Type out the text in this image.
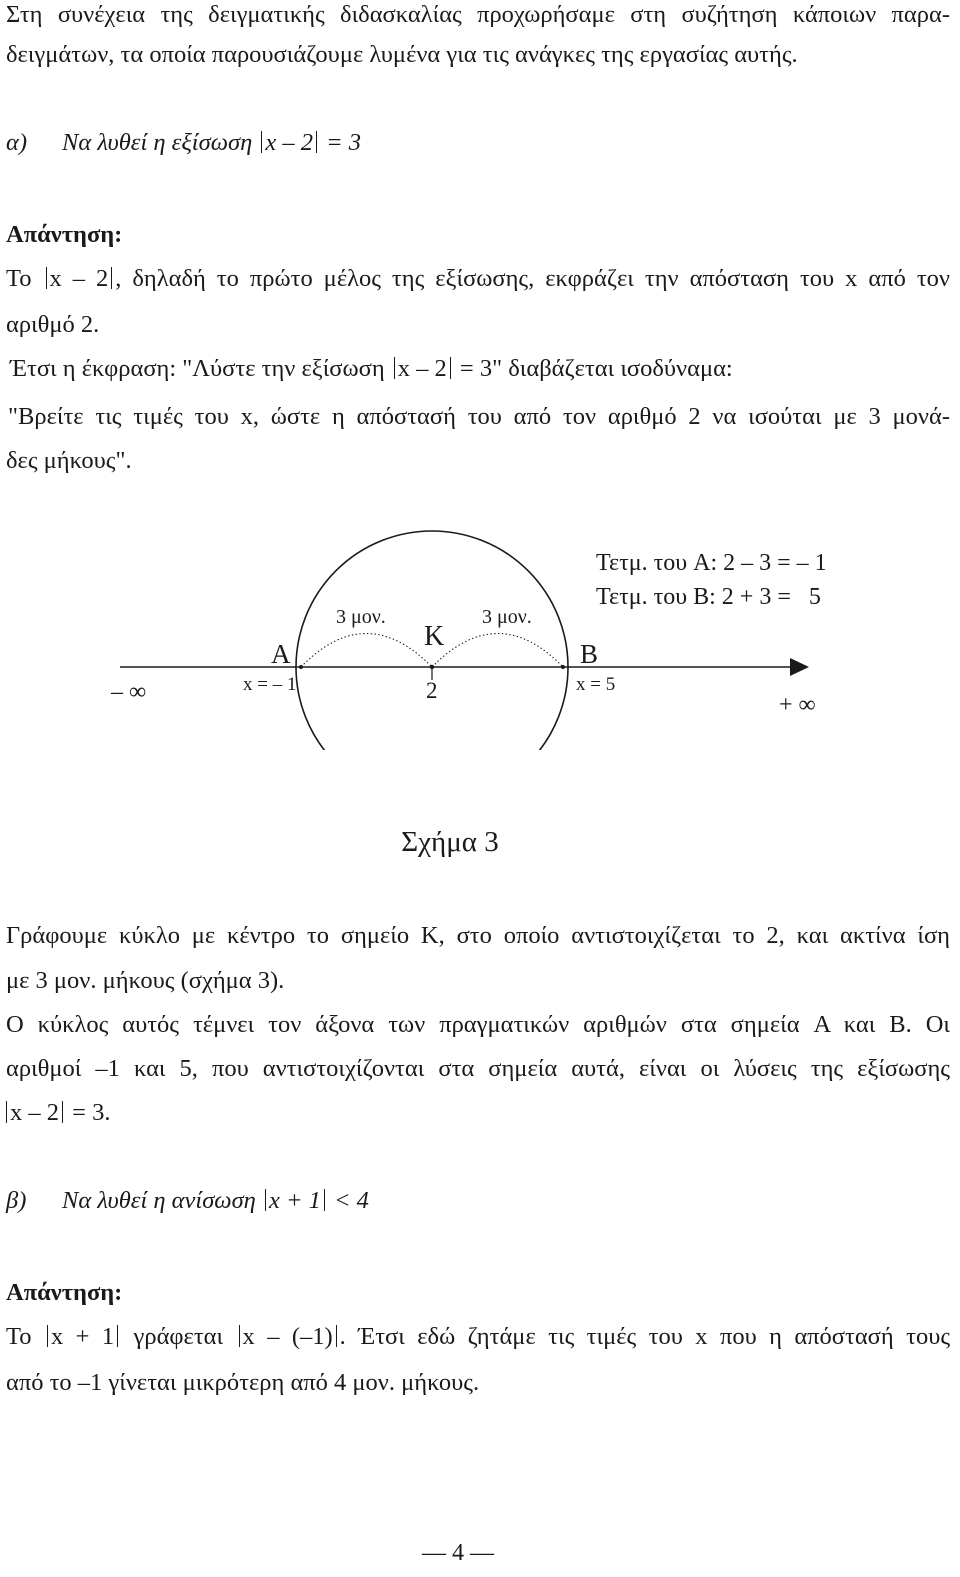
Στη συνέχεια της δειγματικής διδασκαλίας προχωρήσαμε στη συζήτηση κάποιων παρα-
δειγμάτων, τα οποία παρουσιάζουμε λυμένα για τις ανάγκες της εργασίας αυτής.
α) Να λυθεί η εξίσωση x – 2 = 3
Απάντηση:
Το x – 2 , δηλαδή το πρώτο μέλος της εξίσωσης, εκφράζει την απόσταση του x από τον
αριθμό 2.
Έτσι η έκφραση: "Λύστε την εξίσωση x – 2 = 3" διαβάζεται ισοδύναμα:
"Βρείτε τις τιμές του x, ώστε η απόστασή του από τον αριθμό 2 να ισούται με 3 μονά-
δες μήκους".
– ∞	+ ∞
A	B
K
2
x = – 1	x = 5
3 μον.	3 μον.
Τετμ. του A: 2 – 3 = – 1
Τετμ. του B: 2 + 3 =   5
Σχήμα 3
Γράφουμε κύκλο με κέντρο το σημείο K, στο οποίο αντιστοιχίζεται το 2, και ακτίνα ίση
με 3 μον. μήκους (σχήμα 3).
Ο κύκλος αυτός τέμνει τον άξονα των πραγματικών αριθμών στα σημεία A και B. Οι
αριθμοί –1 και 5, που αντιστοιχίζονται στα σημεία αυτά, είναι οι λύσεις της εξίσωσης
x – 2 = 3.
β) Να λυθεί η ανίσωση x + 1 < 4
Απάντηση:
Το x + 1 γράφεται x – (–1) . Έτσι εδώ ζητάμε τις τιμές του x που η απόστασή τους
από το –1 γίνεται μικρότερη από 4 μον. μήκους.
— 4 —
